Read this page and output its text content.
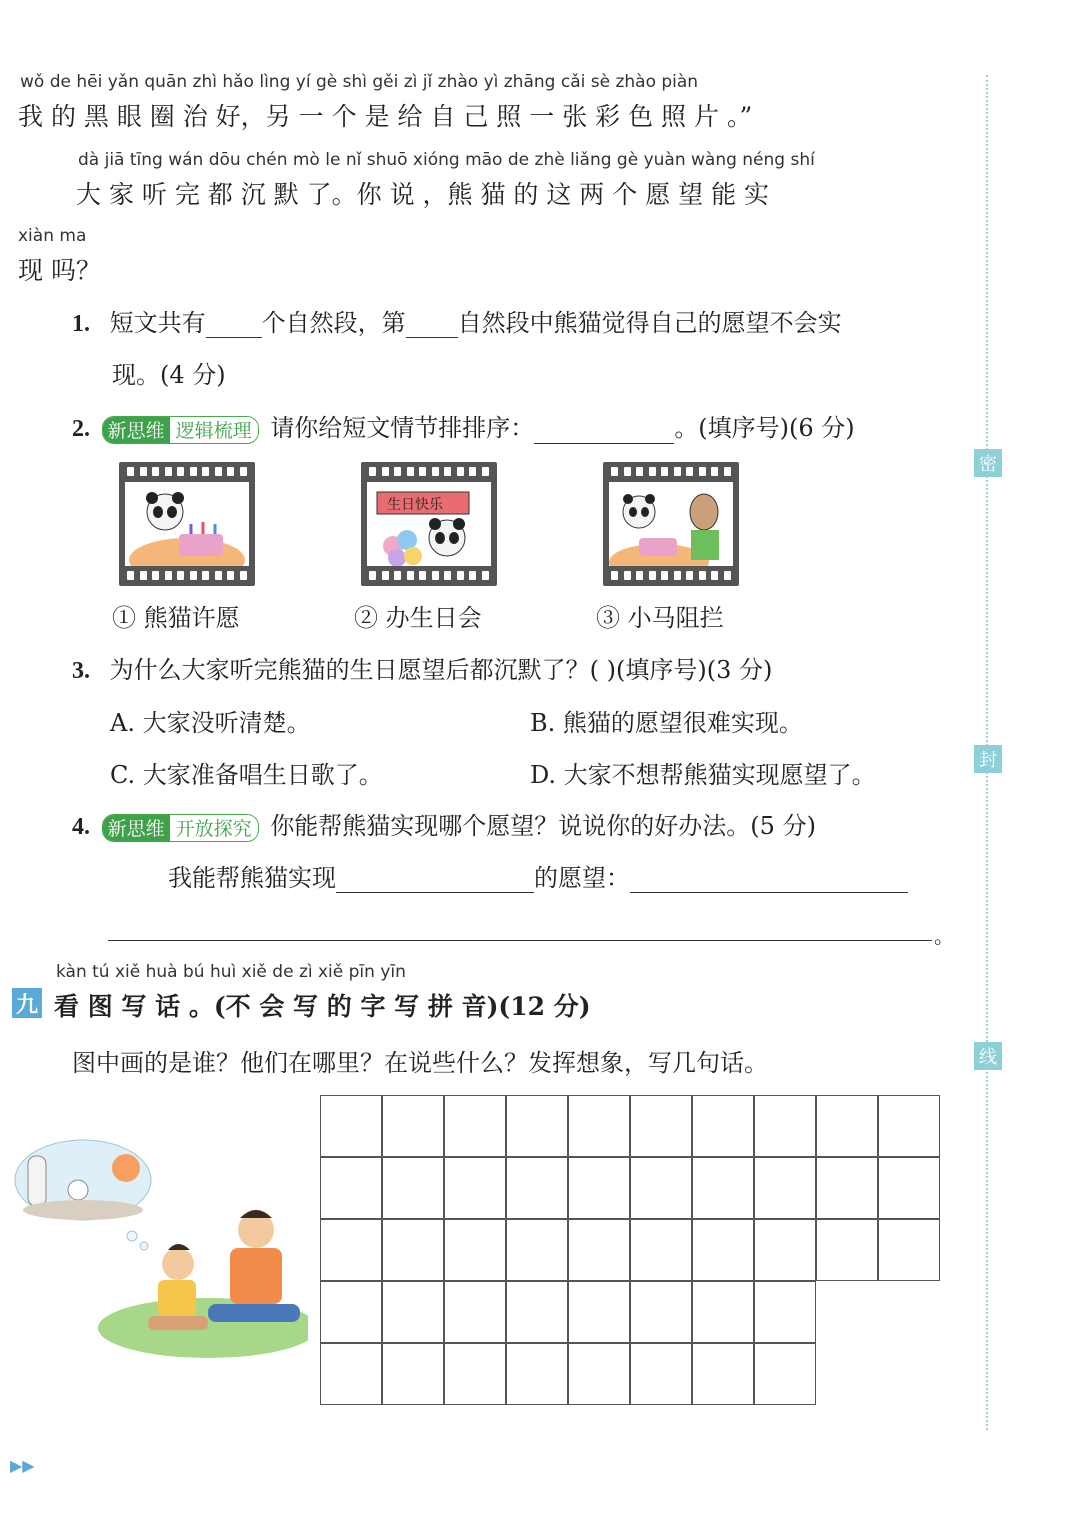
wǒ de hēi yǎn quān zhì hǎo lìng yí gè shì gěi zì jǐ zhào yì zhāng cǎi sè zhào piàn
我 的 黑 眼 圈 治 好，另 一 个 是 给 自 己 照 一 张 彩 色 照 片 。”
dà jiā tīng wán dōu chén mò le nǐ shuō xióng māo de zhè liǎng gè yuàn wàng néng shí
大 家 听 完 都 沉 默 了。你 说 ，熊 猫 的 这 两 个 愿 望 能 实
xiàn ma
现 吗？
1. 短文共有 个自然段，第 自然段中熊猫觉得自己的愿望不会实
现。(4 分)
2. 新思维 逻辑梳理 请你给短文情节排排序：	。(填序号)(6 分)
生日快乐
① 熊猫许愿	② 办生日会	③ 小马阻拦
3. 为什么大家听完熊猫的生日愿望后都沉默了？( )(填序号)(3 分)
A. 大家没听清楚。	B. 熊猫的愿望很难实现。
C. 大家准备唱生日歌了。	D. 大家不想帮熊猫实现愿望了。
4. 新思维 开放探究 你能帮熊猫实现哪个愿望？说说你的好办法。(5 分)
我能帮熊猫实现	的愿望：
。
kàn tú xiě huà bú huì xiě de zì xiě pīn yīn
九 看 图 写 话 。(不 会 写 的 字 写 拼 音)(12 分)
图中画的是谁？他们在哪里？在说些什么？发挥想象，写几句话。
密
封
线
▶▶
